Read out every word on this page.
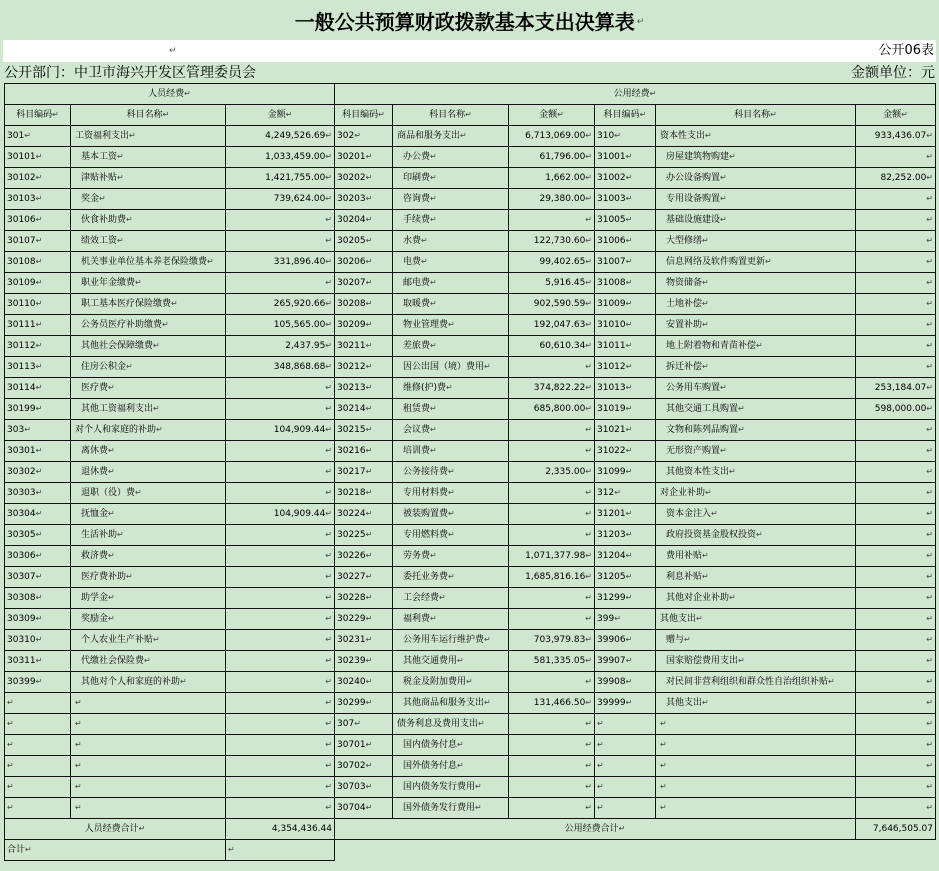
一般公共预算财政拨款基本支出决算表 ↵
↵	公开06表
公开部门：中卫市海兴开发区管理委员会	金额单位：元
人员经费↵			公用经费↵					
科目编码↵	科目名称↵	金额↵	科目编码↵	科目名称↵	金额↵	科目编码↵	科目名称↵	金额↵
301↵	工资福利支出↵	4,249,526.69↵	302↵	商品和服务支出↵	6,713,069.00↵	310↵	资本性支出↵	933,436.07↵
30101↵	基本工资↵	1,033,459.00↵	30201↵	办公费↵	61,796.00↵	31001↵	房屋建筑物购建↵	↵
30102↵	津贴补贴↵	1,421,755.00↵	30202↵	印刷费↵	1,662.00↵	31002↵	办公设备购置↵	82,252.00↵
30103↵	奖金↵	739,624.00↵	30203↵	咨询费↵	29,380.00↵	31003↵	专用设备购置↵	↵
30106↵	伙食补助费↵	↵	30204↵	手续费↵	↵	31005↵	基础设施建设↵	↵
30107↵	绩效工资↵	↵	30205↵	水费↵	122,730.60↵	31006↵	大型修缮↵	↵
30108↵	机关事业单位基本养老保险缴费↵	331,896.40↵	30206↵	电费↵	99,402.65↵	31007↵	信息网络及软件购置更新↵	↵
30109↵	职业年金缴费↵	↵	30207↵	邮电费↵	5,916.45↵	31008↵	物资储备↵	↵
30110↵	职工基本医疗保险缴费↵	265,920.66↵	30208↵	取暖费↵	902,590.59↵	31009↵	土地补偿↵	↵
30111↵	公务员医疗补助缴费↵	105,565.00↵	30209↵	物业管理费↵	192,047.63↵	31010↵	安置补助↵	↵
30112↵	其他社会保障缴费↵	2,437.95↵	30211↵	差旅费↵	60,610.34↵	31011↵	地上附着物和青苗补偿↵	↵
30113↵	住房公积金↵	348,868.68↵	30212↵	因公出国（境）费用↵	↵	31012↵	拆迁补偿↵	↵
30114↵	医疗费↵	↵	30213↵	维修(护)费↵	374,822.22↵	31013↵	公务用车购置↵	253,184.07↵
30199↵	其他工资福利支出↵	↵	30214↵	租赁费↵	685,800.00↵	31019↵	其他交通工具购置↵	598,000.00↵
303↵	对个人和家庭的补助↵	104,909.44↵	30215↵	会议费↵	↵	31021↵	文物和陈列品购置↵	↵
30301↵	离休费↵	↵	30216↵	培训费↵	↵	31022↵	无形资产购置↵	↵
30302↵	退休费↵	↵	30217↵	公务接待费↵	2,335.00↵	31099↵	其他资本性支出↵	↵
30303↵	退职（役）费↵	↵	30218↵	专用材料费↵	↵	312↵	对企业补助↵	↵
30304↵	抚恤金↵	104,909.44↵	30224↵	被装购置费↵	↵	31201↵	资本金注入↵	↵
30305↵	生活补助↵	↵	30225↵	专用燃料费↵	↵	31203↵	政府投资基金股权投资↵	↵
30306↵	救济费↵	↵	30226↵	劳务费↵	1,071,377.98↵	31204↵	费用补贴↵	↵
30307↵	医疗费补助↵	↵	30227↵	委托业务费↵	1,685,816.16↵	31205↵	利息补贴↵	↵
30308↵	助学金↵	↵	30228↵	工会经费↵	↵	31299↵	其他对企业补助↵	↵
30309↵	奖励金↵	↵	30229↵	福利费↵	↵	399↵	其他支出↵	↵
30310↵	个人农业生产补贴↵	↵	30231↵	公务用车运行维护费↵	703,979.83↵	39906↵	赠与↵	↵
30311↵	代缴社会保险费↵	↵	30239↵	其他交通费用↵	581,335.05↵	39907↵	国家赔偿费用支出↵	↵
30399↵	其他对个人和家庭的补助↵	↵	30240↵	税金及附加费用↵	↵	39908↵	对民间非营利组织和群众性自治组织补贴↵	↵
↵	↵	↵	30299↵	其他商品和服务支出↵	131,466.50↵	39999↵	其他支出↵	↵
↵	↵	↵	307↵	债务利息及费用支出↵	↵	↵	↵	↵
↵	↵	↵	30701↵	国内债务付息↵	↵	↵	↵	↵
↵	↵	↵	30702↵	国外债务付息↵	↵	↵	↵	↵
↵	↵	↵	30703↵	国内债务发行费用↵	↵	↵	↵	↵
↵	↵	↵	30704↵	国外债务发行费用↵	↵	↵	↵	↵
人员经费合计↵		4,354,436.44	公用经费合计↵					7,646,505.07
合计↵		↵						
